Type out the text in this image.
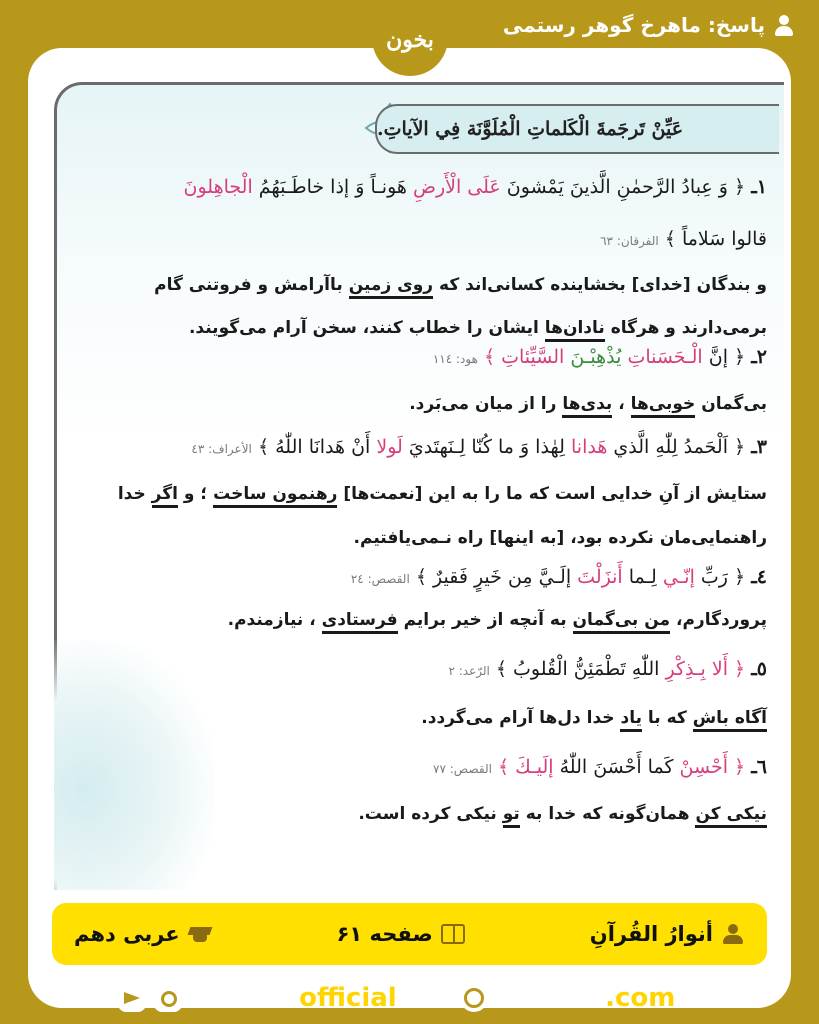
پاسخ: ماهرخ گوهر رستمی
بخون
عَيِّنْ تَرجَمةَ الْكَلماتِ الْمُلَوَّنَة فِي الآياتِ.
١ـ ﴿ وَ عِبادُ الرَّحمٰنِ الَّذينَ يَمْشونَ عَلَى الْأَرضِ هَونـاً وَ إذا خاطَـبَهُمُ الْجاهِلونَ
قالوا سَلاماً ﴾ الفرقان: ٦٣
و بندگان [خدای] بخشاینده کسانی‌اند که روی زمین باآرامش و فروتنی گام
برمی‌دارند و هرگاه نادان‌ها ایشان را خطاب کنند، سخن آرام می‌گویند.
٢ـ ﴿ إنَّ الْـحَسَناتِ يُذْهِبْـنَ السَّيِّئاتِ ﴾ هود: ١١٤
بی‌گمان خوبی‌ها ، بدی‌ها را از میان می‌بَرد.
٣ـ ﴿ اَلْحَمدُ لِلّٰهِ الَّذي هَدانا لِهٰذا وَ ما كُنّا لِـنَهتَديَ لَولا أَنْ هَدانَا اللّٰهُ ﴾ الأعراف: ٤٣
ستایش از آنِ خدایی است که ما را به این [نعمت‌ها] رهنمون ساخت ؛ و اگر خدا
راهنمایی‌مان نکرده بود، [به اینها] راه نـمی‌یافتیم.
٤ـ ﴿ رَبِّ إنّـي لِـما أَنزَلْتَ إلَـيَّ مِن خَيرٍ فَقيرٌ ﴾ القصص: ٢٤
پروردگارم، من بی‌گمان به آنچه از خیر برایم فرستادی ، نیازمندم.
٥ـ ﴿ أَلا بِـذِكْرِ اللّٰهِ تَطْمَئِنُّ الْقُلوبُ ﴾ الرّعد: ٢
آگاه باش که با یاد خدا دل‌ها آرام می‌گردد.
٦ـ ﴿ أَحْسِنْ كَما أَحْسَنَ اللّٰهُ إلَيـكَ ﴾ القصص: ٧٧
نیکی کن همان‌گونه که خدا به تو نیکی کرده است.
أنوارُ القُرآنِ
صفحه ۶۱
عربی دهم
bekhunofficial	bekhun.com
